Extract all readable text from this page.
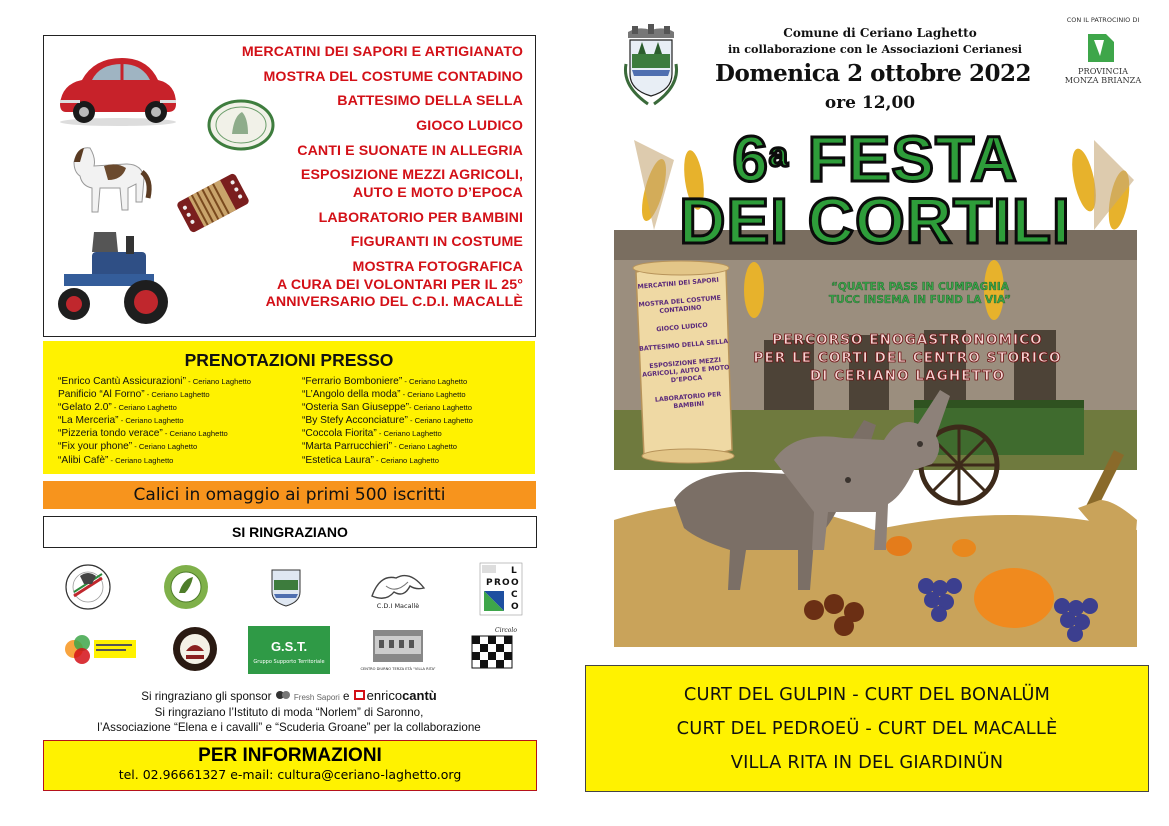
MERCATINI DEI SAPORI E ARTIGIANATO
MOSTRA DEL COSTUME CONTADINO
BATTESIMO DELLA SELLA
GIOCO LUDICO
CANTI E SUONATE IN ALLEGRIA
ESPOSIZIONE MEZZI AGRICOLI,
AUTO E MOTO D’EPOCA
LABORATORIO PER BAMBINI
FIGURANTI IN COSTUME
MOSTRA FOTOGRAFICA
A CURA DEI VOLONTARI PER IL 25°
ANNIVERSARIO DEL C.D.I. MACALLÈ
PRENOTAZIONI PRESSO
“Enrico Cantù Assicurazioni” - Ceriano Laghetto
Panificio “Al Forno” - Ceriano Laghetto
“Gelato 2.0” - Ceriano Laghetto
“La Merceria” - Ceriano Laghetto
“Pizzeria tondo verace” - Ceriano Laghetto
“Fix your phone” - Ceriano Laghetto
“Alibi Cafè” - Ceriano Laghetto
“Ferrario Bomboniere” - Ceriano Laghetto
“L’Angolo della moda” - Ceriano Laghetto
“Osteria San Giuseppe”- Ceriano Laghetto
“By Stefy Acconciature” - Ceriano Laghetto
“Coccola Fiorita” - Ceriano Laghetto
“Marta Parrucchieri” - Ceriano Laghetto
“Estetica Laura” - Ceriano Laghetto
Calici in omaggio ai primi 500 iscritti
SI RINGRAZIANO
C.D.I Macallè
P R O
L
O
C
O
G.S.T.
Gruppo Supporto Territoriale
CENTRO DIURNO TERZA ETÀ “VILLA RITA”
Circolo
Si ringraziano gli sponsor	Fresh Sapori e enricocantù
Si ringraziano l’Istituto di moda “Norlem” di Saronno,
l’Associazione “Elena e i cavalli” e “Scuderia Groane” per la collaborazione
PER INFORMAZIONI
tel. 02.96661327 e-mail: cultura@ceriano-laghetto.org
Comune di Ceriano Laghetto
in collaborazione con le Associazioni Cerianesi
Domenica 2 ottobre 2022
ore 12,00
CON IL PATROCINIO DI
PROVINCIA
MONZA BRIANZA
6$^a$ FESTA
DEI CORTILI
“QUATER PASS IN CUMPAGNIA
TUCC INSEMA IN FUND LA VIA”
PERCORSO ENOGASTRONOMICO
PER LE CORTI DEL CENTRO STORICO
DI CERIANO LAGHETTO
MERCATINI DEI SAPORI
MOSTRA DEL COSTUME CONTADINO
GIOCO LUDICO
BATTESIMO DELLA SELLA
ESPOSIZIONE MEZZI AGRICOLI, AUTO E MOTO D’EPOCA
LABORATORIO PER BAMBINI
CURT DEL GULPIN - CURT DEL BONALÜM
CURT DEL PEDROEÜ - CURT DEL MACALLÈ
VILLA RITA IN DEL GIARDINÜN
